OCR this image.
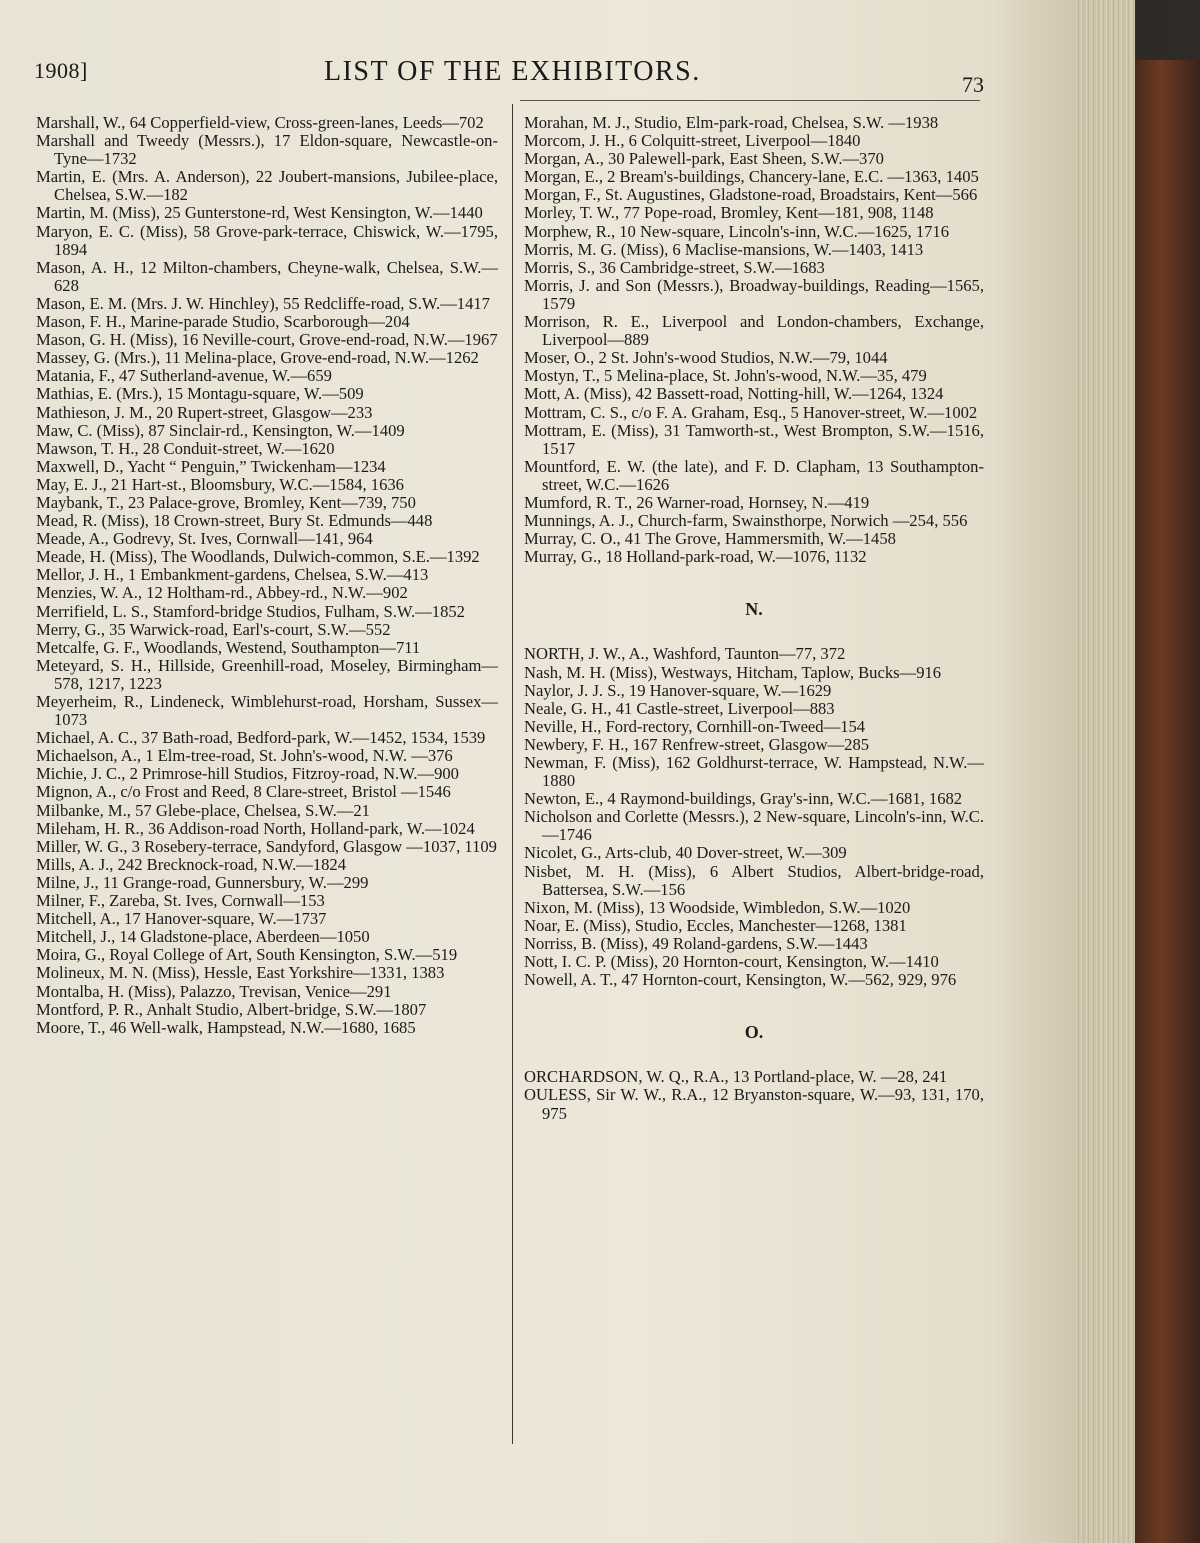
1908]	LIST OF THE EXHIBITORS.	73

Marshall, W., 64 Copperfield-view, Cross-green-lanes, Leeds—702

Marshall and Tweedy (Messrs.), 17 Eldon-square, Newcastle-on-Tyne—1732

Martin, E. (Mrs. A. Anderson), 22 Joubert-mansions, Jubilee-place, Chelsea, S.W.—182

Martin, M. (Miss), 25 Gunterstone-rd, West Kensington, W.—1440

Maryon, E. C. (Miss), 58 Grove-park-terrace, Chiswick, W.—1795, 1894

Mason, A. H., 12 Milton-chambers, Cheyne-walk, Chelsea, S.W.—628

Mason, E. M. (Mrs. J. W. Hinchley), 55 Redcliffe-road, S.W.—1417

Mason, F. H., Marine-parade Studio, Scarborough—204

Mason, G. H. (Miss), 16 Neville-court, Grove-end-road, N.W.—1967

Massey, G. (Mrs.), 11 Melina-place, Grove-end-road, N.W.—1262

Matania, F., 47 Sutherland-avenue, W.—659

Mathias, E. (Mrs.), 15 Montagu-square, W.—509

Mathieson, J. M., 20 Rupert-street, Glasgow—233

Maw, C. (Miss), 87 Sinclair-rd., Kensington, W.—1409

Mawson, T. H., 28 Conduit-street, W.—1620

Maxwell, D., Yacht “ Penguin,” Twickenham—1234

May, E. J., 21 Hart-st., Bloomsbury, W.C.—1584, 1636

Maybank, T., 23 Palace-grove, Bromley, Kent—739, 750

Mead, R. (Miss), 18 Crown-street, Bury St. Edmunds—448

Meade, A., Godrevy, St. Ives, Cornwall—141, 964

Meade, H. (Miss), The Woodlands, Dulwich-common, S.E.—1392

Mellor, J. H., 1 Embankment-gardens, Chelsea, S.W.—413

Menzies, W. A., 12 Holtham-rd., Abbey-rd., N.W.—902

Merrifield, L. S., Stamford-bridge Studios, Fulham, S.W.—1852

Merry, G., 35 Warwick-road, Earl's-court, S.W.—552

Metcalfe, G. F., Woodlands, Westend, Southampton—711

Meteyard, S. H., Hillside, Greenhill-road, Moseley, Birmingham—578, 1217, 1223

Meyerheim, R., Lindeneck, Wimblehurst-road, Horsham, Sussex—1073

Michael, A. C., 37 Bath-road, Bedford-park, W.—1452, 1534, 1539

Michaelson, A., 1 Elm-tree-road, St. John's-wood, N.W. —376

Michie, J. C., 2 Primrose-hill Studios, Fitzroy-road, N.W.—900

Mignon, A., c/o Frost and Reed, 8 Clare-street, Bristol —1546

Milbanke, M., 57 Glebe-place, Chelsea, S.W.—21

Mileham, H. R., 36 Addison-road North, Holland-park, W.—1024

Miller, W. G., 3 Rosebery-terrace, Sandyford, Glasgow —1037, 1109

Mills, A. J., 242 Brecknock-road, N.W.—1824

Milne, J., 11 Grange-road, Gunnersbury, W.—299

Milner, F., Zareba, St. Ives, Cornwall—153

Mitchell, A., 17 Hanover-square, W.—1737

Mitchell, J., 14 Gladstone-place, Aberdeen—1050

Moira, G., Royal College of Art, South Kensington, S.W.—519

Molineux, M. N. (Miss), Hessle, East Yorkshire—1331, 1383

Montalba, H. (Miss), Palazzo, Trevisan, Venice—291

Montford, P. R., Anhalt Studio, Albert-bridge, S.W.—1807

Moore, T., 46 Well-walk, Hampstead, N.W.—1680, 1685

Morahan, M. J., Studio, Elm-park-road, Chelsea, S.W. —1938

Morcom, J. H., 6 Colquitt-street, Liverpool—1840

Morgan, A., 30 Palewell-park, East Sheen, S.W.—370

Morgan, E., 2 Bream's-buildings, Chancery-lane, E.C. —1363, 1405

Morgan, F., St. Augustines, Gladstone-road, Broadstairs, Kent—566

Morley, T. W., 77 Pope-road, Bromley, Kent—181, 908, 1148

Morphew, R., 10 New-square, Lincoln's-inn, W.C.—1625, 1716

Morris, M. G. (Miss), 6 Maclise-mansions, W.—1403, 1413

Morris, S., 36 Cambridge-street, S.W.—1683

Morris, J. and Son (Messrs.), Broadway-buildings, Reading—1565, 1579

Morrison, R. E., Liverpool and London-chambers, Exchange, Liverpool—889

Moser, O., 2 St. John's-wood Studios, N.W.—79, 1044

Mostyn, T., 5 Melina-place, St. John's-wood, N.W.—35, 479

Mott, A. (Miss), 42 Bassett-road, Notting-hill, W.—1264, 1324

Mottram, C. S., c/o F. A. Graham, Esq., 5 Hanover-street, W.—1002

Mottram, E. (Miss), 31 Tamworth-st., West Brompton, S.W.—1516, 1517

Mountford, E. W. (the late), and F. D. Clapham, 13 Southampton-street, W.C.—1626

Mumford, R. T., 26 Warner-road, Hornsey, N.—419

Munnings, A. J., Church-farm, Swainsthorpe, Norwich —254, 556

Murray, C. O., 41 The Grove, Hammersmith, W.—1458

Murray, G., 18 Holland-park-road, W.—1076, 1132

N.

NORTH, J. W., A., Washford, Taunton—77, 372

Nash, M. H. (Miss), Westways, Hitcham, Taplow, Bucks—916

Naylor, J. J. S., 19 Hanover-square, W.—1629

Neale, G. H., 41 Castle-street, Liverpool—883

Neville, H., Ford-rectory, Cornhill-on-Tweed—154

Newbery, F. H., 167 Renfrew-street, Glasgow—285

Newman, F. (Miss), 162 Goldhurst-terrace, W. Hampstead, N.W.—1880

Newton, E., 4 Raymond-buildings, Gray's-inn, W.C.—1681, 1682

Nicholson and Corlette (Messrs.), 2 New-square, Lincoln's-inn, W.C.—1746

Nicolet, G., Arts-club, 40 Dover-street, W.—309

Nisbet, M. H. (Miss), 6 Albert Studios, Albert-bridge-road, Battersea, S.W.—156

Nixon, M. (Miss), 13 Woodside, Wimbledon, S.W.—1020

Noar, E. (Miss), Studio, Eccles, Manchester—1268, 1381

Norriss, B. (Miss), 49 Roland-gardens, S.W.—1443

Nott, I. C. P. (Miss), 20 Hornton-court, Kensington, W.—1410

Nowell, A. T., 47 Hornton-court, Kensington, W.—562, 929, 976

O.

ORCHARDSON, W. Q., R.A., 13 Portland-place, W. —28, 241

OULESS, Sir W. W., R.A., 12 Bryanston-square, W.—93, 131, 170, 975
